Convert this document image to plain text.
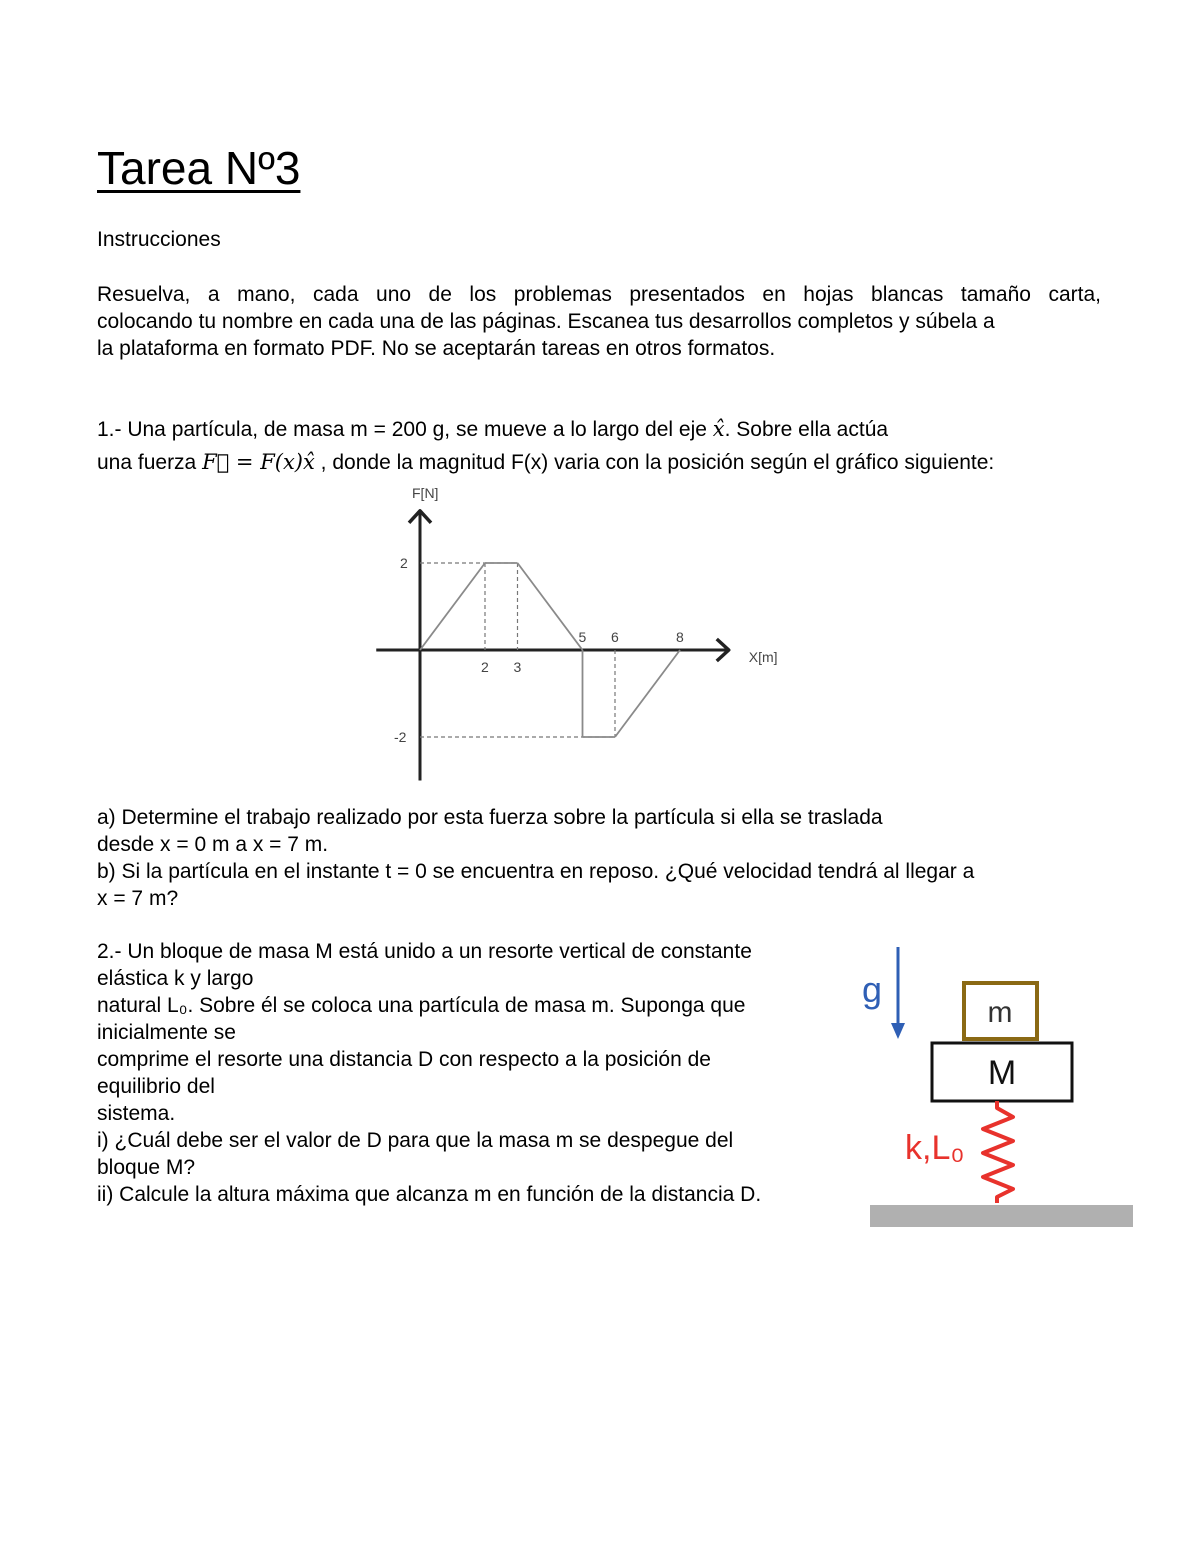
Tarea Nº3
Instrucciones
Resuelva, a mano, cada uno de los problemas presentados en hojas blancas tamaño carta,
colocando tu nombre en cada una de las páginas. Escanea tus desarrollos completos y súbela a
la plataforma en formato PDF. No se aceptarán tareas en otros formatos.
1.- Una partícula, de masa m = 200 g, se mueve a lo largo del eje x̂. Sobre ella actúa
una fuerza F⃗ = F(x)x̂ , donde la magnitud F(x) varia con la posición según el gráfico siguiente:
F[N]
X[m]
2 3
5 6	8
2
-2
a) Determine el trabajo realizado por esta fuerza sobre la partícula si ella se traslada
desde x = 0 m a x = 7 m.
b) Si la partícula en el instante t = 0 se encuentra en reposo. ¿Qué velocidad tendrá al llegar a
x = 7 m?
2.- Un bloque de masa M está unido a un resorte vertical de constante
elástica k y largo
natural L₀. Sobre él se coloca una partícula de masa m. Suponga que
inicialmente se
comprime el resorte una distancia D con respecto a la posición de
equilibrio del
sistema.
i) ¿Cuál debe ser el valor de D para que la masa m se despegue del
bloque M?
ii) Calcule la altura máxima que alcanza m en función de la distancia D.
g
m
M
k,L₀
